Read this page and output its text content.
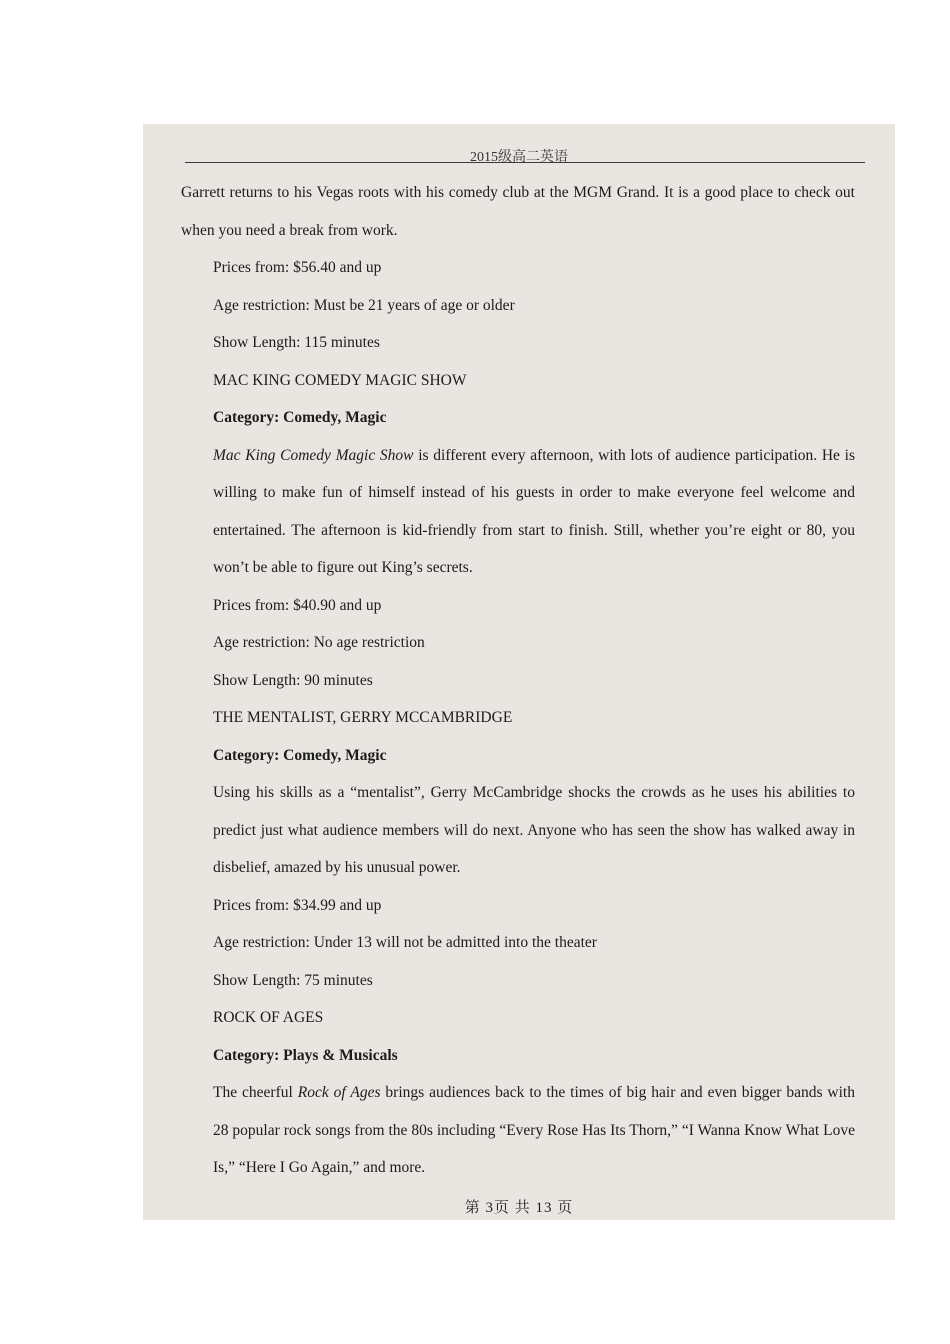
2015级高二英语

Garrett returns to his Vegas roots with his comedy club at the MGM Grand. It is a good place to check out when you need a break from work.

Prices from: $56.40 and up

Age restriction: Must be 21 years of age or older

Show Length: 115 minutes

MAC KING COMEDY MAGIC SHOW

Category: Comedy, Magic

Mac King Comedy Magic Show is different every afternoon, with lots of audience participation. He is willing to make fun of himself instead of his guests in order to make everyone feel welcome and entertained. The afternoon is kid-friendly from start to finish. Still, whether you’re eight or 80, you won’t be able to figure out King’s secrets.

Prices from: $40.90 and up

Age restriction: No age restriction

Show Length: 90 minutes

THE MENTALIST, GERRY MCCAMBRIDGE

Category: Comedy, Magic

Using his skills as a “mentalist”, Gerry McCambridge shocks the crowds as he uses his abilities to predict just what audience members will do next. Anyone who has seen the show has walked away in disbelief, amazed by his unusual power.

Prices from: $34.99 and up

Age restriction: Under 13 will not be admitted into the theater

Show Length: 75 minutes

ROCK OF AGES

Category: Plays & Musicals

The cheerful Rock of Ages brings audiences back to the times of big hair and even bigger bands with 28 popular rock songs from the 80s including “Every Rose Has Its Thorn,” “I Wanna Know What Love Is,” “Here I Go Again,” and more.

第 3页 共 13 页
